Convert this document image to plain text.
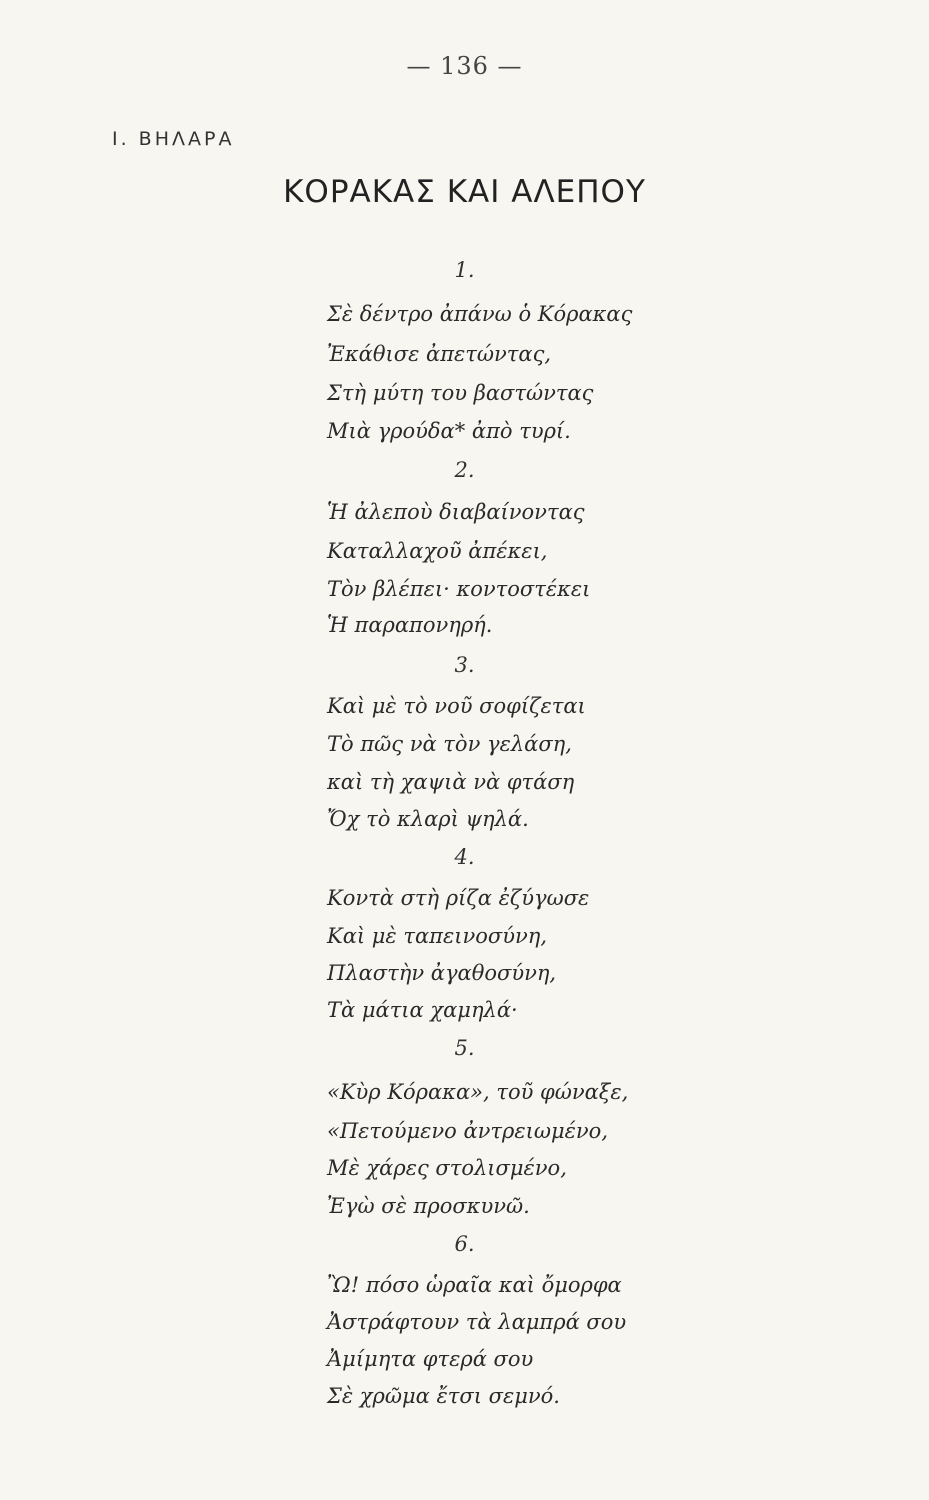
— 136 —
I. ΒΗΛΑΡΑ
ΚΟΡΑΚΑΣ ΚΑΙ ΑΛΕΠΟΥ
1.
Σὲ δέντρο ἀπάνω ὁ Κόρακας
Ἐκάθισε ἀπετώντας,
Στὴ μύτη του βαστώντας
Μιὰ γρούδα* ἀπὸ τυρί.
2.
Ἡ ἀλεποὺ διαβαίνοντας
Καταλλαχοῦ ἀπέκει,
Τὸν βλέπει· κοντοστέκει
Ἡ παραπονηρή.
3.
Καὶ μὲ τὸ νοῦ σοφίζεται
Τὸ πῶς νὰ τὸν γελάση,
καὶ τὴ χαψιὰ νὰ φτάση
Ὄχ τὸ κλαρὶ ψηλά.
4.
Κοντὰ στὴ ρίζα ἐζύγωσε
Καὶ μὲ ταπεινοσύνη,
Πλαστὴν ἀγαθοσύνη,
Τὰ μάτια χαμηλά·
5.
«Κὺρ Κόρακα», τοῦ φώναξε,
«Πετούμενο ἀντρειωμένο,
Μὲ χάρες στολισμένο,
Ἐγὼ σὲ προσκυνῶ.
6.
Ὢ! πόσο ὡραῖα καὶ ὄμορφα
Ἀστράφτουν τὰ λαμπρά σου
Ἀμίμητα φτερά σου
Σὲ χρῶμα ἔτσι σεμνό.
